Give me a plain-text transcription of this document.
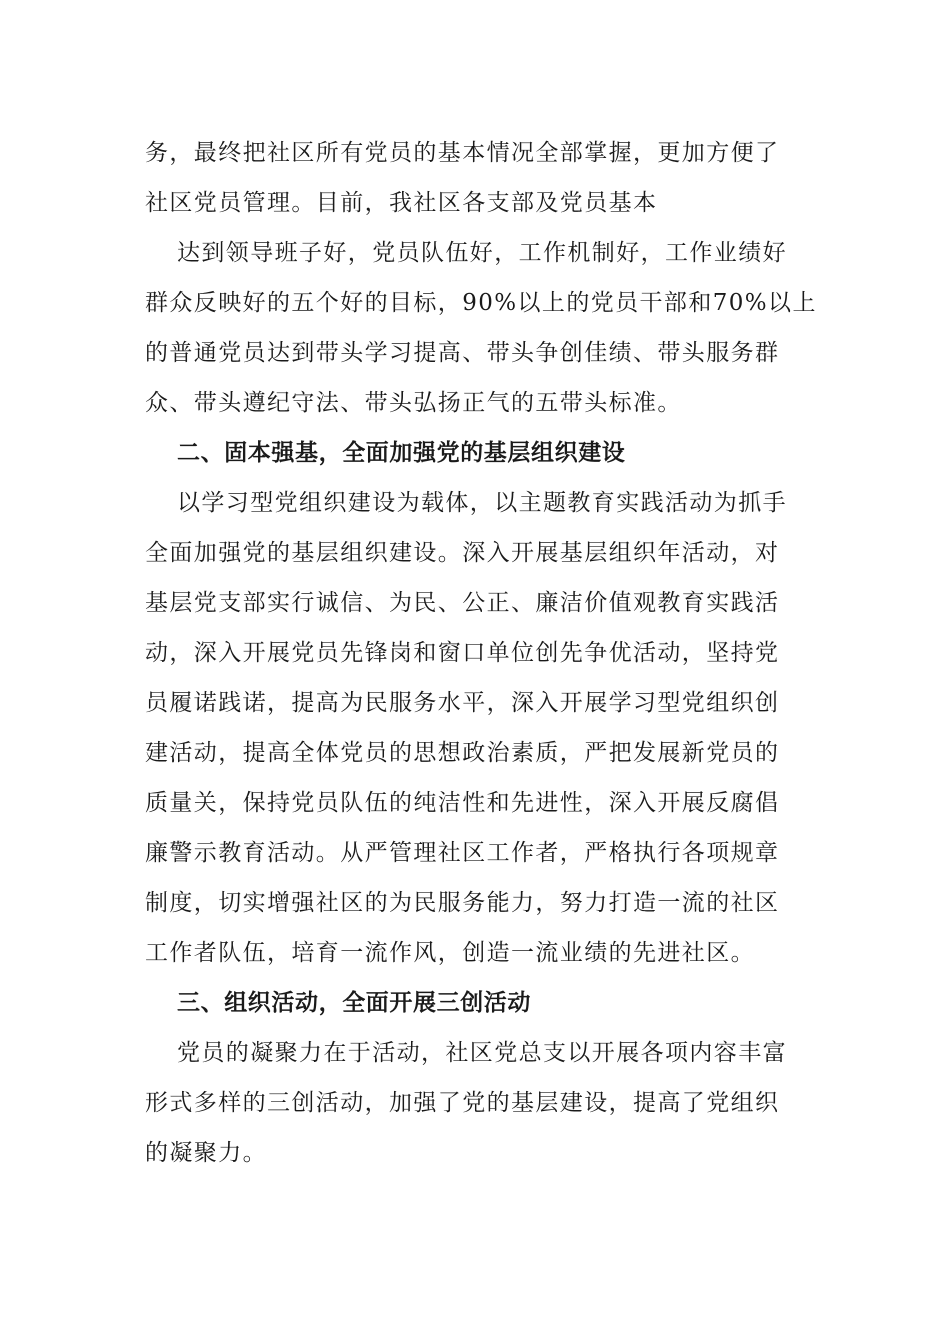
务，最终把社区所有党员的基本情况全部掌握，更加方便了
社区党员管理。目前，我社区各支部及党员基本
达到领导班子好，党员队伍好，工作机制好，工作业绩好
群众反映好的五个好的目标，90%以上的党员干部和70%以上
的普通党员达到带头学习提高、带头争创佳绩、带头服务群
众、带头遵纪守法、带头弘扬正气的五带头标准。
二、固本强基，全面加强党的基层组织建设
以学习型党组织建设为载体，以主题教育实践活动为抓手
全面加强党的基层组织建设。深入开展基层组织年活动，对
基层党支部实行诚信、为民、公正、廉洁价值观教育实践活
动，深入开展党员先锋岗和窗口单位创先争优活动，坚持党
员履诺践诺，提高为民服务水平，深入开展学习型党组织创
建活动，提高全体党员的思想政治素质，严把发展新党员的
质量关，保持党员队伍的纯洁性和先进性，深入开展反腐倡
廉警示教育活动。从严管理社区工作者，严格执行各项规章
制度，切实增强社区的为民服务能力，努力打造一流的社区
工作者队伍，培育一流作风，创造一流业绩的先进社区。
三、组织活动，全面开展三创活动
党员的凝聚力在于活动，社区党总支以开展各项内容丰富
形式多样的三创活动，加强了党的基层建设，提高了党组织
的凝聚力。
